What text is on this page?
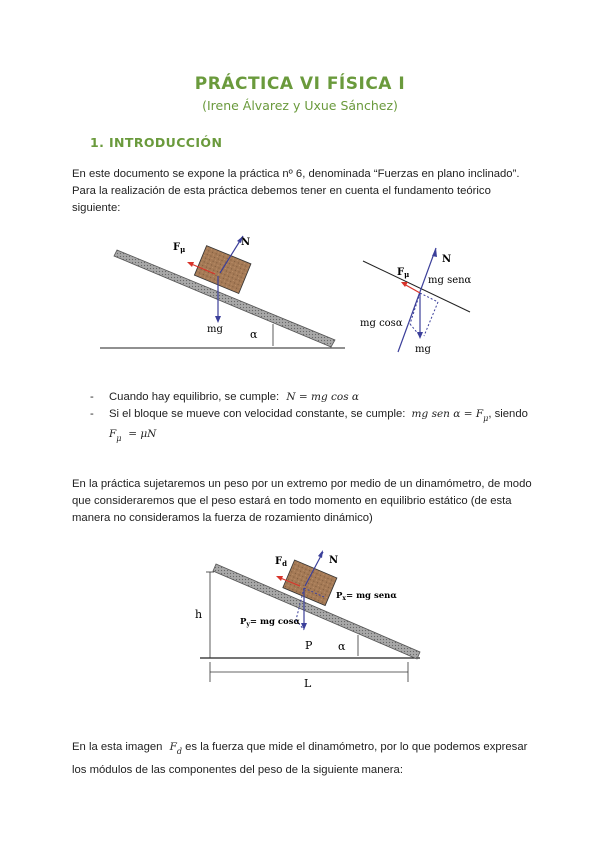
PRÁCTICA VI FÍSICA I
(Irene Álvarez y Uxue Sánchez)
1. INTRODUCCIÓN
En este documento se expone la práctica nº 6, denominada “Fuerzas en plano inclinado”.
Para la realización de esta práctica debemos tener en cuenta el fundamento teórico
siguiente:
$F_\mu$
N
mg α
$F_\mu$
N
mg senα
mg cosα
mg
- Cuando hay equilibrio, se cumple: N = mg cos α
- Si el bloque se mueve con velocidad constante, se cumple: mg sen $\alpha = F_\mu$, siendo
$F_\mu = \mu N$
En la práctica sujetaremos un peso por un extremo por medio de un dinamómetro, de modo
que consideraremos que el peso estará en todo momento en equilibrio estático (de esta
manera no consideramos la fuerza de rozamiento dinámico)
$F_d$	N
$P_x=$ mg senα
$P_y=$ mg cosα
P α
h
L
En la esta imagen $F_d$ es la fuerza que mide el dinamómetro, por lo que podemos expresar
los módulos de las componentes del peso de la siguiente manera:
